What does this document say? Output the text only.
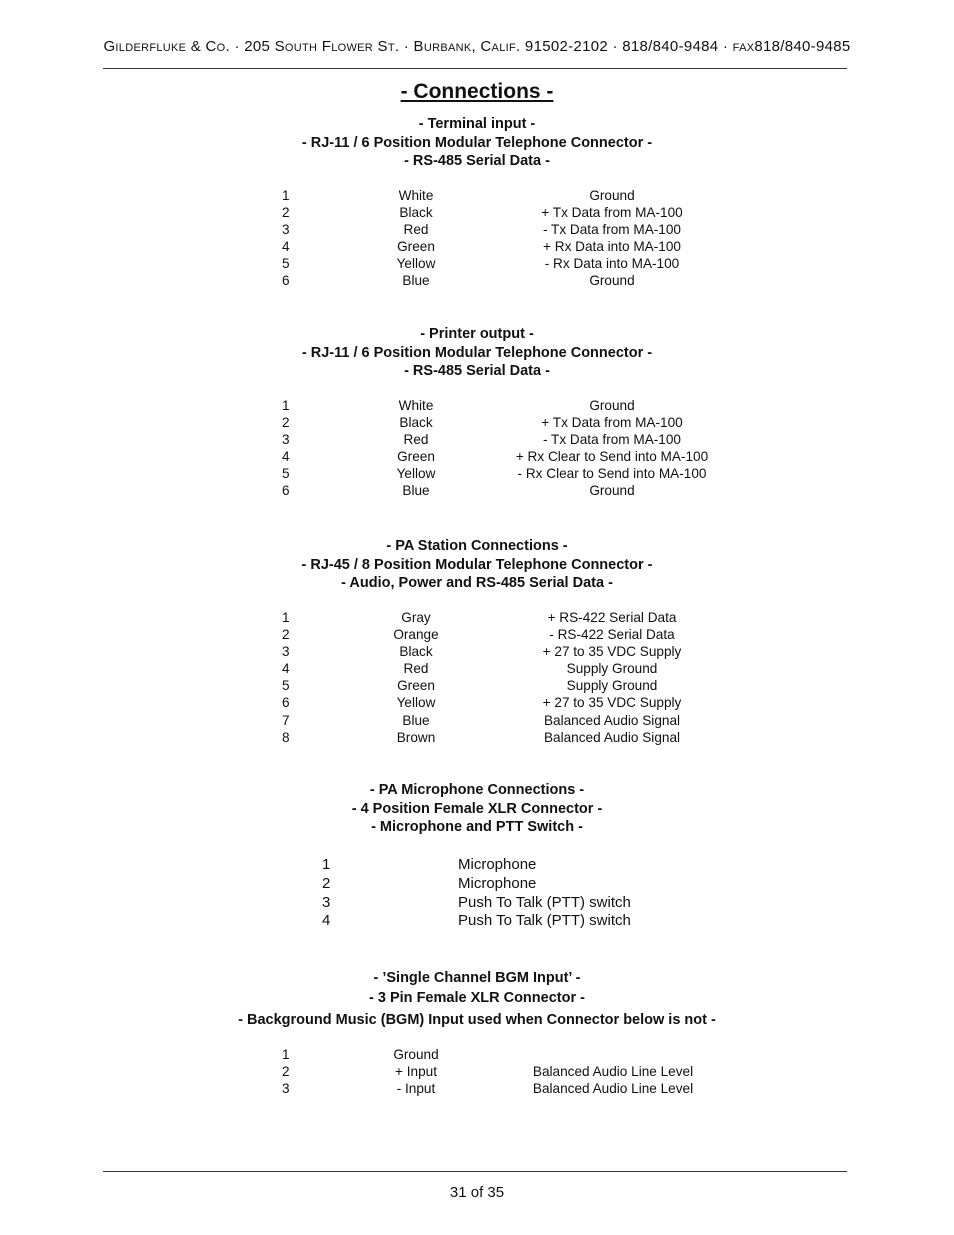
Gilderfluke & Co. · 205 South Flower St. · Burbank, Calif. 91502-2102 · 818/840-9484 · fax818/840-9485
- Connections -
- Terminal input -
- RJ-11 / 6 Position Modular Telephone Connector -
- RS-485 Serial Data -
1	White	Ground
2	Black	+ Tx Data from MA-100
3	Red	- Tx Data from MA-100
4	Green	+ Rx Data into MA-100
5	Yellow	- Rx Data into MA-100
6	Blue	Ground
- Printer output -
- RJ-11 / 6 Position Modular Telephone Connector -
- RS-485 Serial Data -
1	White	Ground
2	Black	+ Tx Data from MA-100
3	Red	- Tx Data from MA-100
4	Green	+ Rx Clear to Send into MA-100
5	Yellow	- Rx Clear to Send into MA-100
6	Blue	Ground
- PA Station Connections -
- RJ-45 / 8 Position Modular Telephone Connector -
- Audio, Power and RS-485 Serial Data -
1	Gray	+ RS-422 Serial Data
2	Orange	- RS-422 Serial Data
3	Black	+ 27 to 35 VDC Supply
4	Red	Supply Ground
5	Green	Supply Ground
6	Yellow	+ 27 to 35 VDC Supply
7	Blue	Balanced Audio Signal
8	Brown	Balanced Audio Signal
- PA Microphone Connections -
- 4 Position Female XLR Connector -
- Microphone and PTT Switch -
1	Microphone
2	Microphone
3	Push To Talk (PTT) switch
4	Push To Talk (PTT) switch
- ’Single Channel BGM Input’ -
- 3 Pin Female XLR Connector -
- Background Music (BGM) Input used when Connector below is not -
1	Ground
2	+ Input	Balanced Audio Line Level
3	- Input	Balanced Audio Line Level
31 of 35
